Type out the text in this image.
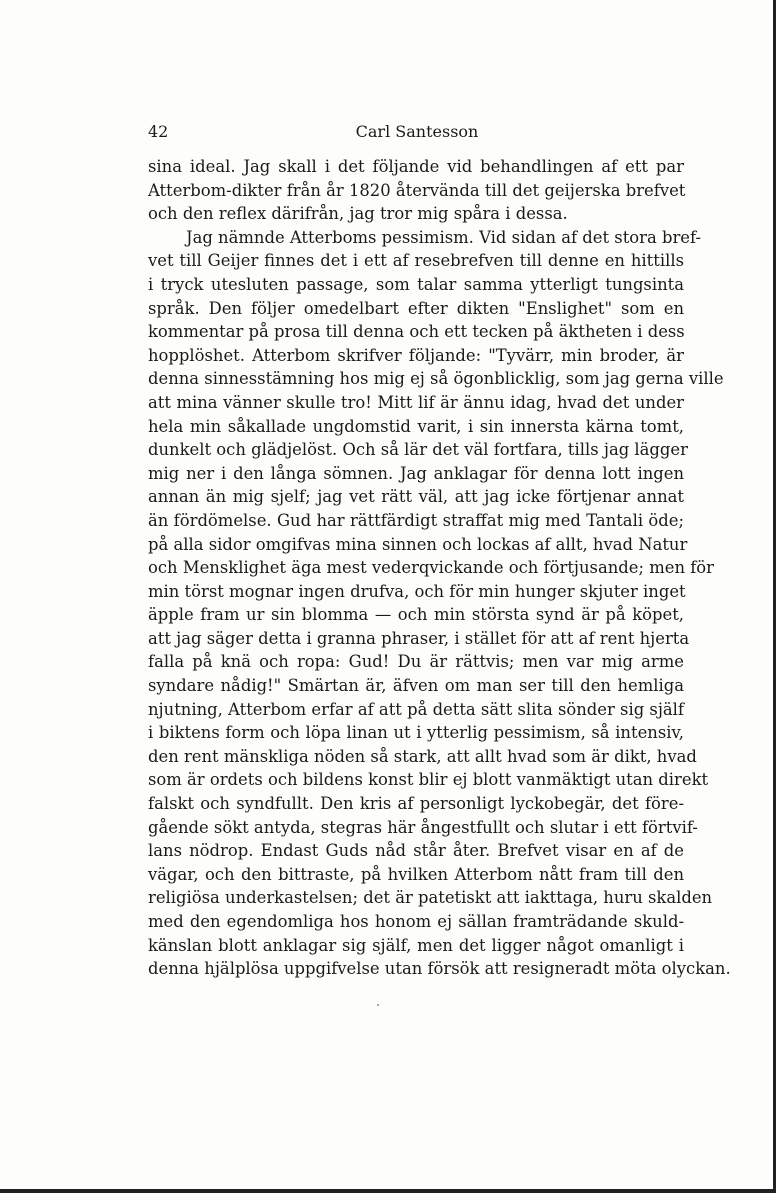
42	Carl Santesson
sina ideal. Jag skall i det följande vid behandlingen af ett par
Atterbom-dikter från år 1820 återvända till det geijerska brefvet
och den reflex därifrån, jag tror mig spåra i dessa.
Jag nämnde Atterboms pessimism. Vid sidan af det stora bref-
vet till Geijer finnes det i ett af resebrefven till denne en hittills
i tryck utesluten passage, som talar samma ytterligt tungsinta
språk. Den följer omedelbart efter dikten "Enslighet" som en
kommentar på prosa till denna och ett tecken på äktheten i dess
hopplöshet. Atterbom skrifver följande: "Tyvärr, min broder, är
denna sinnesstämning hos mig ej så ögonblicklig, som jag gerna ville
att mina vänner skulle tro! Mitt lif är ännu idag, hvad det under
hela min såkallade ungdomstid varit, i sin innersta kärna tomt,
dunkelt och glädjelöst. Och så lär det väl fortfara, tills jag lägger
mig ner i den långa sömnen. Jag anklagar för denna lott ingen
annan än mig sjelf; jag vet rätt väl, att jag icke förtjenar annat
än fördömelse. Gud har rättfärdigt straffat mig med Tantali öde;
på alla sidor omgifvas mina sinnen och lockas af allt, hvad Natur
och Mensklighet äga mest vederqvickande och förtjusande; men för
min törst mognar ingen drufva, och för min hunger skjuter inget
äpple fram ur sin blomma — och min största synd är på köpet,
att jag säger detta i granna phraser, i stället för att af rent hjerta
falla på knä och ropa: Gud! Du är rättvis; men var mig arme
syndare nådig!" Smärtan är, äfven om man ser till den hemliga
njutning, Atterbom erfar af att på detta sätt slita sönder sig själf
i biktens form och löpa linan ut i ytterlig pessimism, så intensiv,
den rent mänskliga nöden så stark, att allt hvad som är dikt, hvad
som är ordets och bildens konst blir ej blott vanmäktigt utan direkt
falskt och syndfullt. Den kris af personligt lyckobegär, det före-
gående sökt antyda, stegras här ångestfullt och slutar i ett förtvif-
lans nödrop. Endast Guds nåd står åter. Brefvet visar en af de
vägar, och den bittraste, på hvilken Atterbom nått fram till den
religiösa underkastelsen; det är patetiskt att iakttaga, huru skalden
med den egendomliga hos honom ej sällan framträdande skuld-
känslan blott anklagar sig själf, men det ligger något omanligt i
denna hjälplösa uppgifvelse utan försök att resigneradt möta olyckan.
